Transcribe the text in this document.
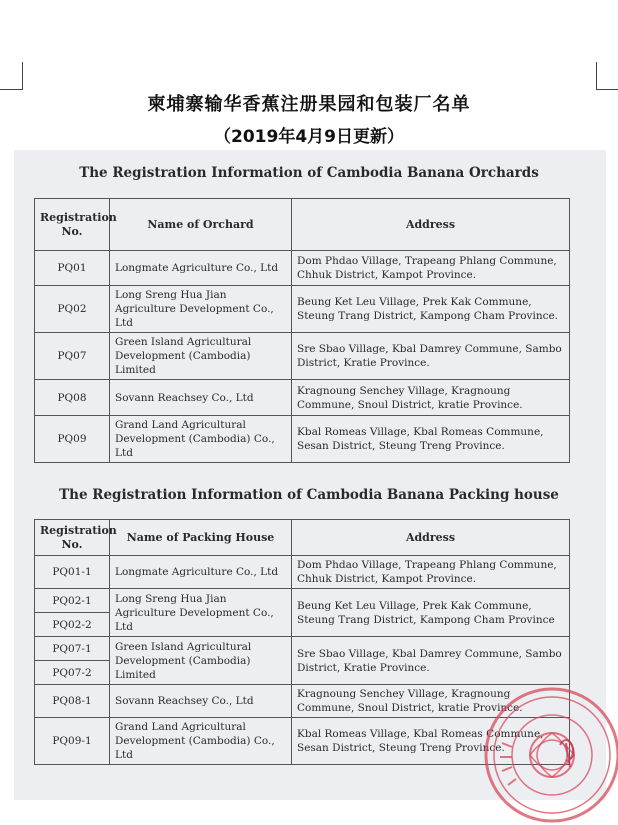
柬埔寨输华香蕉注册果园和包装厂名单
（2019年4月9日更新）
The Registration Information of Cambodia Banana Orchards
Registration No.	Name of Orchard	Address
PQ01	Longmate Agriculture Co., Ltd	Dom Phdao Village, Trapeang Phlang Commune, Chhuk District, Kampot Province.
PQ02	Long Sreng Hua Jian Agriculture Development Co., Ltd	Beung Ket Leu Village, Prek Kak Commune, Steung Trang District, Kampong Cham Province.
PQ07	Green Island Agricultural Development (Cambodia) Limited	Sre Sbao Village, Kbal Damrey Commune, Sambo District, Kratie Province.
PQ08	Sovann Reachsey Co., Ltd	Kragnoung Senchey Village, Kragnoung Commune, Snoul District, kratie Province.
PQ09	Grand Land Agricultural Development (Cambodia) Co., Ltd	Kbal Romeas Village, Kbal Romeas Commune, Sesan District, Steung Treng Province.
The Registration Information of Cambodia Banana Packing house
Registration No.	Name of Packing House	Address
PQ01-1	Longmate Agriculture Co., Ltd	Dom Phdao Village, Trapeang Phlang Commune, Chhuk District, Kampot Province.
PQ02-1	Long Sreng Hua Jian Agriculture Development Co., Ltd	Beung Ket Leu Village, Prek Kak Commune, Steung Trang District, Kampong Cham Province
PQ02-2		
PQ07-1	Green Island Agricultural Development (Cambodia) Limited	Sre Sbao Village, Kbal Damrey Commune, Sambo District, Kratie Province.
PQ07-2		
PQ08-1	Sovann Reachsey Co., Ltd	Kragnoung Senchey Village, Kragnoung Commune, Snoul District, kratie Province.
PQ09-1	Grand Land Agricultural Development (Cambodia) Co., Ltd	Kbal Romeas Village, Kbal Romeas Commune, Sesan District, Steung Treng Province.
